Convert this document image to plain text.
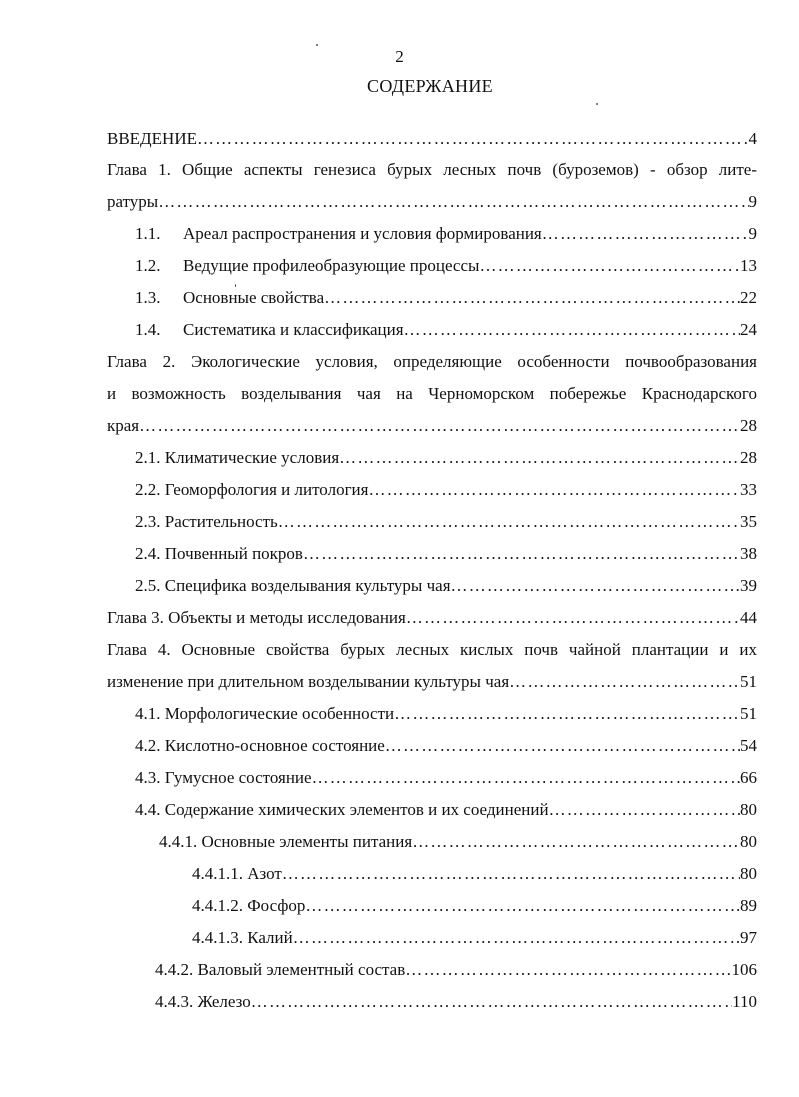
2
СОДЕРЖАНИЕ
ВВЕДЕНИЕ ………………………………………………………………………………………………………………………………………………………………………………………………………………	4
Глава 1. Общие аспекты генезиса бурых лесных почв (буроземов) - обзор лите-
ратуры ………………………………………………………………………………………………………………………………………………………………………………………………………………	9
1.1.	Ареал распространения и условия формирования ………………………………………………………………………………………………………………………………………………………………………………………………………………	9
1.2.	Ведущие профилеобразующие процессы ………………………………………………………………………………………………………………………………………………………………………………………………………………	13
1.3.	Основные свойства ………………………………………………………………………………………………………………………………………………………………………………………………………………	22
1.4.	Систематика и классификация ………………………………………………………………………………………………………………………………………………………………………………………………………………	24
Глава 2. Экологические условия, определяющие особенности почвообразования
и возможность возделывания чая на Черноморском побережье Краснодарского
края ………………………………………………………………………………………………………………………………………………………………………………………………………………	28
2.1. Климатические условия ………………………………………………………………………………………………………………………………………………………………………………………………………………	28
2.2. Геоморфология и литология ………………………………………………………………………………………………………………………………………………………………………………………………………………	33
2.3. Растительность ………………………………………………………………………………………………………………………………………………………………………………………………………………	35
2.4. Почвенный покров ………………………………………………………………………………………………………………………………………………………………………………………………………………	38
2.5. Специфика возделывания культуры чая ………………………………………………………………………………………………………………………………………………………………………………………………………………	39
Глава 3. Объекты и методы исследования ………………………………………………………………………………………………………………………………………………………………………………………………………………	44
Глава 4. Основные свойства бурых лесных кислых почв чайной плантации и их
изменение при длительном возделывании культуры чая ………………………………………………………………………………………………………………………………………………………………………………………………………………	51
4.1. Морфологические особенности ………………………………………………………………………………………………………………………………………………………………………………………………………………	51
4.2. Кислотно-основное состояние ………………………………………………………………………………………………………………………………………………………………………………………………………………	54
4.3. Гумусное состояние ………………………………………………………………………………………………………………………………………………………………………………………………………………	66
4.4. Содержание химических элементов и их соединений ………………………………………………………………………………………………………………………………………………………………………………………………………………	80
4.4.1. Основные элементы питания ………………………………………………………………………………………………………………………………………………………………………………………………………………	80
4.4.1.1. Азот ………………………………………………………………………………………………………………………………………………………………………………………………………………	80
4.4.1.2. Фосфор ………………………………………………………………………………………………………………………………………………………………………………………………………………	89
4.4.1.3. Калий ………………………………………………………………………………………………………………………………………………………………………………………………………………	97
4.4.2. Валовый элементный состав ………………………………………………………………………………………………………………………………………………………………………………………………………………	106
4.4.3. Железо ………………………………………………………………………………………………………………………………………………………………………………………………………………	110
